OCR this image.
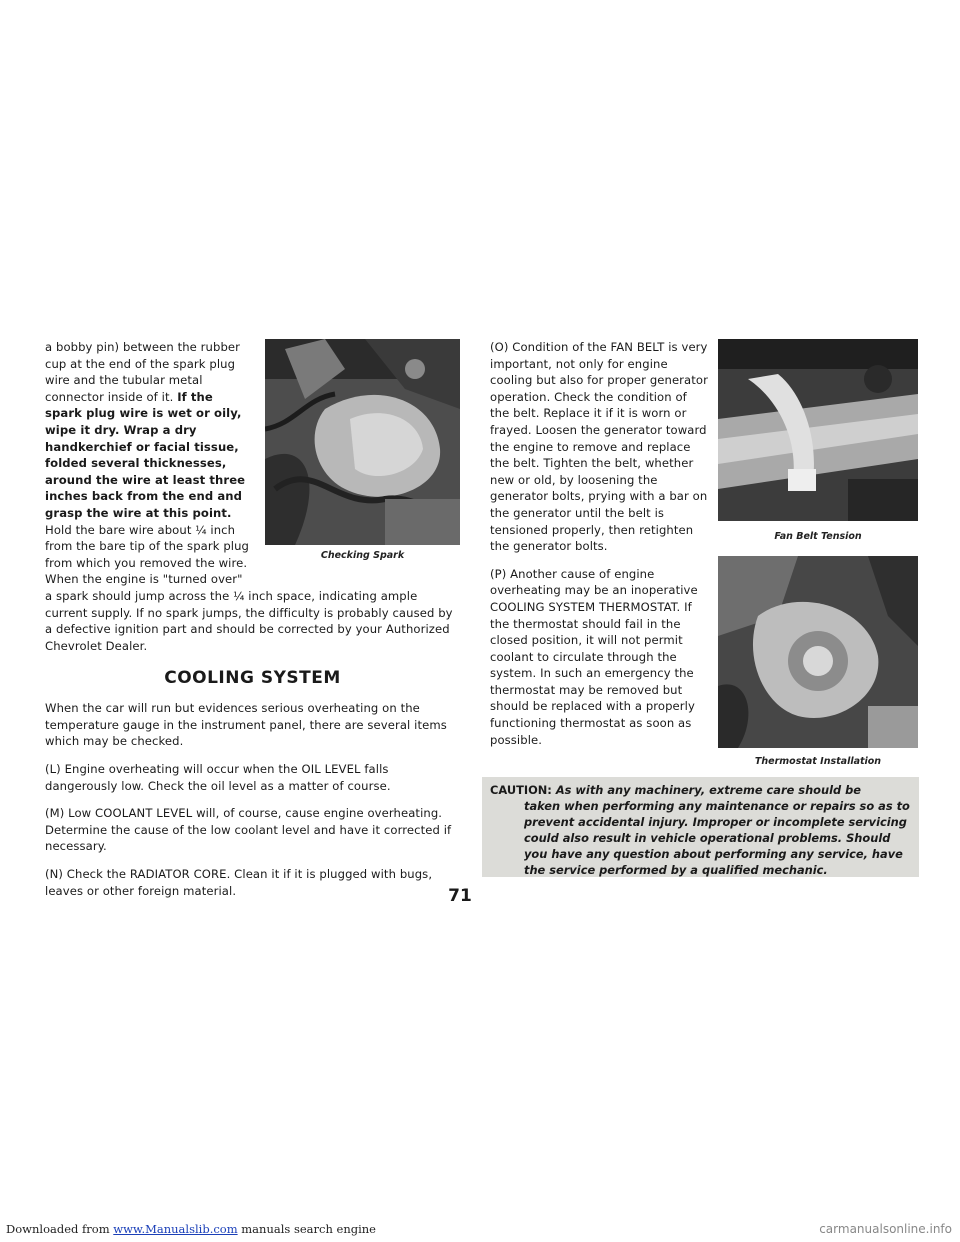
Checking Spark

a bobby pin) between the rubber cup at the end of the spark plug wire and the tubular metal connector inside of it. If the spark plug wire is wet or oily, wipe it dry. Wrap a dry handkerchief or facial tissue, folded several thicknesses, around the wire at least three inches back from the end and grasp the wire at this point. Hold the bare wire about ¼ inch from the bare tip of the spark plug from which you removed the wire. When the engine is "turned over" a spark should jump across the ¼ inch space, indicating ample current supply. If no spark jumps, the difficulty is probably caused by a defective ignition part and should be corrected by your Authorized Chevrolet Dealer.

COOLING SYSTEM

When the car will run but evidences serious overheating on the temperature gauge in the instrument panel, there are several items which may be checked.

(L) Engine overheating will occur when the OIL LEVEL falls dangerously low. Check the oil level as a matter of course.

(M) Low COOLANT LEVEL will, of course, cause engine overheating. Determine the cause of the low coolant level and have it corrected if necessary.

(N) Check the RADIATOR CORE. Clean it if it is plugged with bugs, leaves or other foreign material.

(O) Condition of the FAN BELT is very important, not only for engine cooling but also for proper generator operation. Check the condition of the belt. Replace it if it is worn or frayed. Loosen the generator toward the engine to remove and replace the belt. Tighten the belt, whether new or old, by loosening the generator bolts, prying with a bar on the generator until the belt is tensioned properly, then retighten the generator bolts.

(P) Another cause of engine overheating may be an inoperative COOLING SYSTEM THERMOSTAT. If the thermostat should fail in the closed position, it will not permit coolant to circulate through the system. In such an emergency the thermostat may be removed but should be replaced with a properly functioning thermostat as soon as possible.

Fan Belt Tension
Thermostat Installation
CAUTION: As with any machinery, extreme care should be
taken when performing any maintenance or repairs so as to prevent accidental injury. Improper or incomplete servicing could also result in vehicle operational problems. Should you have any question about performing any service, have the service performed by a qualified mechanic.
71
Downloaded from www.Manualslib.com manuals search engine	carmanualsonline.info
